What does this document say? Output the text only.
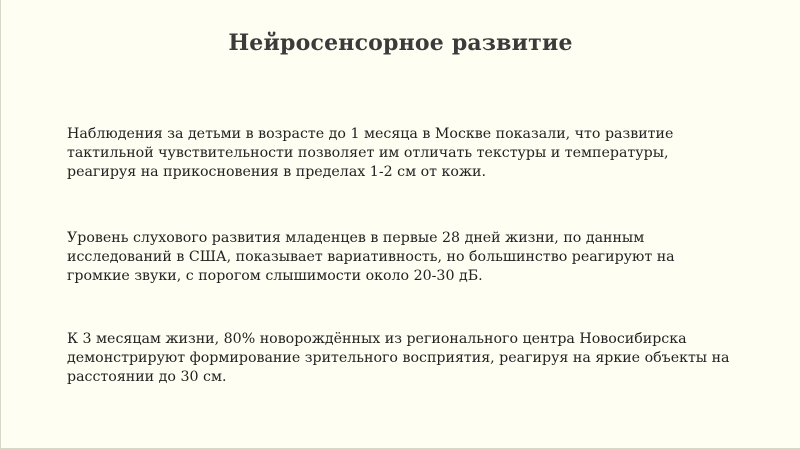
Нейросенсорное развитие

Наблюдения за детьми в возрасте до 1 месяца в Москве показали, что развитие
тактильной чувствительности позволяет им отличать текстуры и температуры,
реагируя на прикосновения в пределах 1-2 см от кожи.

Уровень слухового развития младенцев в первые 28 дней жизни, по данным
исследований в США, показывает вариативность, но большинство реагируют на
громкие звуки, с порогом слышимости около 20-30 дБ.

К 3 месяцам жизни, 80% новорождённых из регионального центра Новосибирска
демонстрируют формирование зрительного восприятия, реагируя на яркие объекты на
расстоянии до 30 см.
